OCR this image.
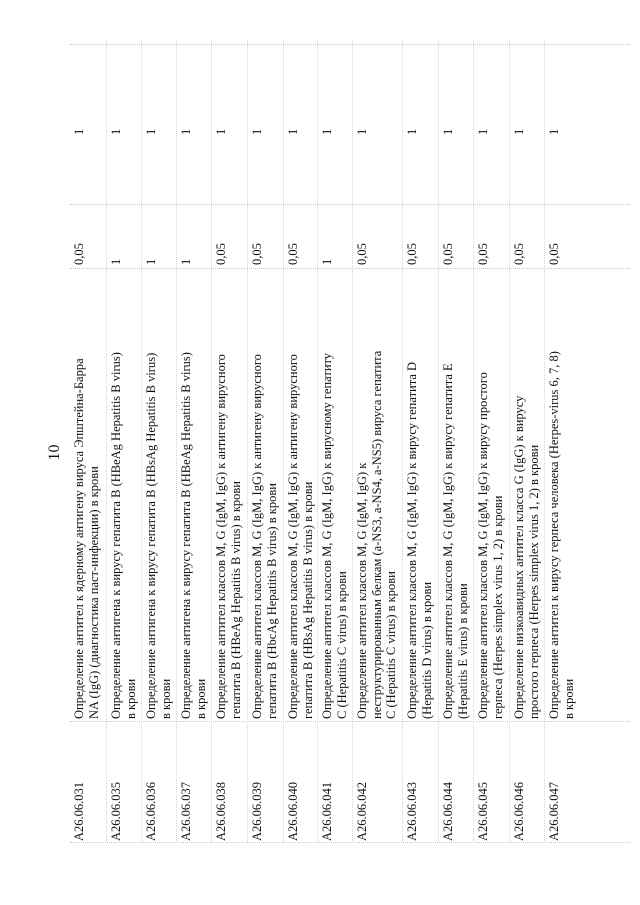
10
A26.06.031
Определение антител к ядерному антигену вируса Эпштейна-Барра NA (IgG) (диагностика паст-инфекции) в крови
0,05
1
A26.06.035
Определение антигена к вирусу гепатита B (HBeAg Hepatitis B virus) в крови
1
1
A26.06.036
Определение антигена к вирусу гепатита B (HBsAg Hepatitis B virus) в крови
1
1
A26.06.037
Определение антигена к вирусу гепатита B (HBeAg Hepatitis B virus) в крови
1
1
A26.06.038
Определение антител классов M, G (IgM, IgG) к антигену вирусного гепатита B (HBeAg Hepatitis B virus) в крови
0,05
1
A26.06.039
Определение антител классов M, G (IgM, IgG) к антигену вирусного гепатита B (HbcAg Hepatitis B virus) в крови
0,05
1
A26.06.040
Определение антител классов M, G (IgM, IgG) к антигену вирусного гепатита B (HBsAg Hepatitis B virus) в крови
0,05
1
A26.06.041
Определение антител классов M, G (IgM, IgG) к вирусному гепатиту C (Hepatitis C virus) в крови
1
1
A26.06.042
Определение антител классов M, G (IgM, IgG) к неструктурированным белкам (a-NS3, a-NS4, a-NS5) вируса гепатита C (Hepatitis C virus) в крови
0,05
1
A26.06.043
Определение антител классов M, G (IgM, IgG) к вирусу гепатита D (Hepatitis D virus) в крови
0,05
1
A26.06.044
Определение антител классов M, G (IgM, IgG) к вирусу гепатита E (Hepatitis E virus) в крови
0,05
1
A26.06.045
Определение антител классов M, G (IgM, IgG) к вирусу простого герпеса (Herpes simplex virus 1, 2) в крови
0,05
1
A26.06.046
Определение низкоавидных антител класса G (IgG) к вирусу простого герпеса (Herpes simplex virus 1, 2) в крови
0,05
1
A26.06.047
Определение антител к вирусу герпеса человека (Herpes-virus 6, 7, 8) в крови
0,05
1
